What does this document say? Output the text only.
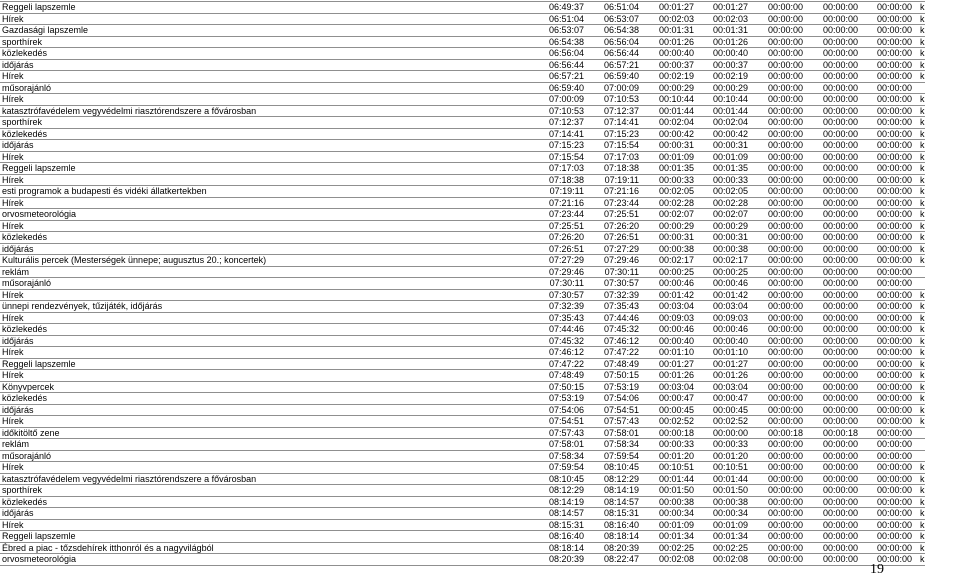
Reggeli lapszemle	06:49:37	06:51:04	00:01:27	00:01:27	00:00:00	00:00:00	00:00:00	k
Hírek	06:51:04	06:53:07	00:02:03	00:02:03	00:00:00	00:00:00	00:00:00	k
Gazdasági lapszemle	06:53:07	06:54:38	00:01:31	00:01:31	00:00:00	00:00:00	00:00:00	k
sporthírek	06:54:38	06:56:04	00:01:26	00:01:26	00:00:00	00:00:00	00:00:00	k
közlekedés	06:56:04	06:56:44	00:00:40	00:00:40	00:00:00	00:00:00	00:00:00	k
időjárás	06:56:44	06:57:21	00:00:37	00:00:37	00:00:00	00:00:00	00:00:00	k
Hírek	06:57:21	06:59:40	00:02:19	00:02:19	00:00:00	00:00:00	00:00:00	k
műsorajánló	06:59:40	07:00:09	00:00:29	00:00:29	00:00:00	00:00:00	00:00:00	
Hírek	07:00:09	07:10:53	00:10:44	00:10:44	00:00:00	00:00:00	00:00:00	k
katasztrófavédelem vegyvédelmi riasztórendszere a fővárosban	07:10:53	07:12:37	00:01:44	00:01:44	00:00:00	00:00:00	00:00:00	k
sporthírek	07:12:37	07:14:41	00:02:04	00:02:04	00:00:00	00:00:00	00:00:00	k
közlekedés	07:14:41	07:15:23	00:00:42	00:00:42	00:00:00	00:00:00	00:00:00	k
időjárás	07:15:23	07:15:54	00:00:31	00:00:31	00:00:00	00:00:00	00:00:00	k
Hírek	07:15:54	07:17:03	00:01:09	00:01:09	00:00:00	00:00:00	00:00:00	k
Reggeli lapszemle	07:17:03	07:18:38	00:01:35	00:01:35	00:00:00	00:00:00	00:00:00	k
Hírek	07:18:38	07:19:11	00:00:33	00:00:33	00:00:00	00:00:00	00:00:00	k
esti programok a budapesti és vidéki állatkertekben	07:19:11	07:21:16	00:02:05	00:02:05	00:00:00	00:00:00	00:00:00	k
Hírek	07:21:16	07:23:44	00:02:28	00:02:28	00:00:00	00:00:00	00:00:00	k
orvosmeteorológia	07:23:44	07:25:51	00:02:07	00:02:07	00:00:00	00:00:00	00:00:00	k
Hírek	07:25:51	07:26:20	00:00:29	00:00:29	00:00:00	00:00:00	00:00:00	k
közlekedés	07:26:20	07:26:51	00:00:31	00:00:31	00:00:00	00:00:00	00:00:00	k
időjárás	07:26:51	07:27:29	00:00:38	00:00:38	00:00:00	00:00:00	00:00:00	k
Kulturális percek (Mesterségek ünnepe; augusztus 20.; koncertek)	07:27:29	07:29:46	00:02:17	00:02:17	00:00:00	00:00:00	00:00:00	k
reklám	07:29:46	07:30:11	00:00:25	00:00:25	00:00:00	00:00:00	00:00:00	
műsorajánló	07:30:11	07:30:57	00:00:46	00:00:46	00:00:00	00:00:00	00:00:00	
Hírek	07:30:57	07:32:39	00:01:42	00:01:42	00:00:00	00:00:00	00:00:00	k
ünnepi rendezvények, tűzijáték, időjárás	07:32:39	07:35:43	00:03:04	00:03:04	00:00:00	00:00:00	00:00:00	k
Hírek	07:35:43	07:44:46	00:09:03	00:09:03	00:00:00	00:00:00	00:00:00	k
közlekedés	07:44:46	07:45:32	00:00:46	00:00:46	00:00:00	00:00:00	00:00:00	k
időjárás	07:45:32	07:46:12	00:00:40	00:00:40	00:00:00	00:00:00	00:00:00	k
Hírek	07:46:12	07:47:22	00:01:10	00:01:10	00:00:00	00:00:00	00:00:00	k
Reggeli lapszemle	07:47:22	07:48:49	00:01:27	00:01:27	00:00:00	00:00:00	00:00:00	k
Hírek	07:48:49	07:50:15	00:01:26	00:01:26	00:00:00	00:00:00	00:00:00	k
Könyvpercek	07:50:15	07:53:19	00:03:04	00:03:04	00:00:00	00:00:00	00:00:00	k
közlekedés	07:53:19	07:54:06	00:00:47	00:00:47	00:00:00	00:00:00	00:00:00	k
időjárás	07:54:06	07:54:51	00:00:45	00:00:45	00:00:00	00:00:00	00:00:00	k
Hírek	07:54:51	07:57:43	00:02:52	00:02:52	00:00:00	00:00:00	00:00:00	k
időkitöltő zene	07:57:43	07:58:01	00:00:18	00:00:00	00:00:18	00:00:18	00:00:00	
reklám	07:58:01	07:58:34	00:00:33	00:00:33	00:00:00	00:00:00	00:00:00	
műsorajánló	07:58:34	07:59:54	00:01:20	00:01:20	00:00:00	00:00:00	00:00:00	
Hírek	07:59:54	08:10:45	00:10:51	00:10:51	00:00:00	00:00:00	00:00:00	k
katasztrófavédelem vegyvédelmi riasztórendszere a fővárosban	08:10:45	08:12:29	00:01:44	00:01:44	00:00:00	00:00:00	00:00:00	k
sporthírek	08:12:29	08:14:19	00:01:50	00:01:50	00:00:00	00:00:00	00:00:00	k
közlekedés	08:14:19	08:14:57	00:00:38	00:00:38	00:00:00	00:00:00	00:00:00	k
időjárás	08:14:57	08:15:31	00:00:34	00:00:34	00:00:00	00:00:00	00:00:00	k
Hírek	08:15:31	08:16:40	00:01:09	00:01:09	00:00:00	00:00:00	00:00:00	k
Reggeli lapszemle	08:16:40	08:18:14	00:01:34	00:01:34	00:00:00	00:00:00	00:00:00	k
Ébred a piac - tőzsdehírek itthonról és a nagyvilágból	08:18:14	08:20:39	00:02:25	00:02:25	00:00:00	00:00:00	00:00:00	k
orvosmeteorológia	08:20:39	08:22:47	00:02:08	00:02:08	00:00:00	00:00:00	00:00:00	k
19
